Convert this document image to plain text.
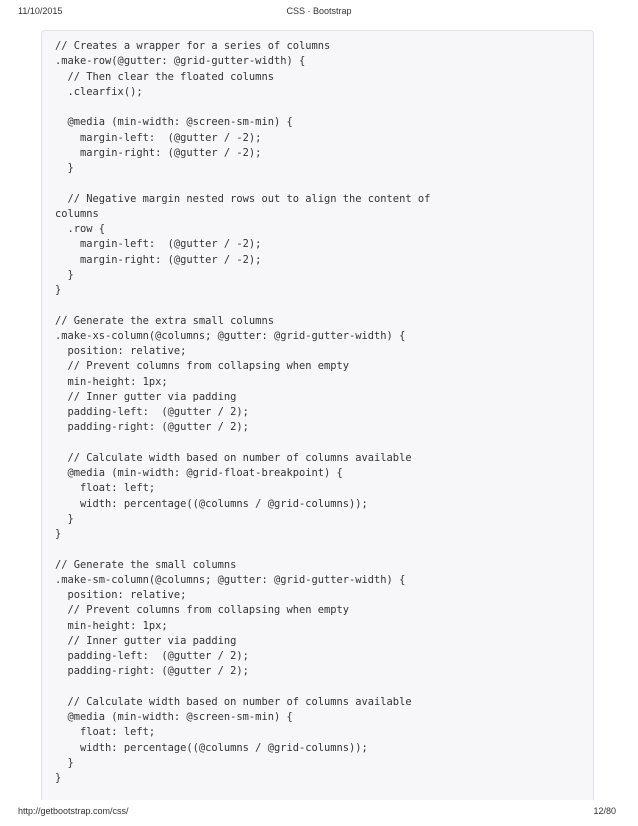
11/10/2015	CSS · Bootstrap
// Creates a wrapper for a series of columns
.make-row(@gutter: @grid-gutter-width) {
// Then clear the floated columns
.clearfix();
@media (min-width: @screen-sm-min) {
margin-left:  (@gutter / -2);
margin-right: (@gutter / -2);
}
// Negative margin nested rows out to align the content of
columns
.row {
margin-left:  (@gutter / -2);
margin-right: (@gutter / -2);
}
}
// Generate the extra small columns
.make-xs-column(@columns; @gutter: @grid-gutter-width) {
position: relative;
// Prevent columns from collapsing when empty
min-height: 1px;
// Inner gutter via padding
padding-left:  (@gutter / 2);
padding-right: (@gutter / 2);
// Calculate width based on number of columns available
@media (min-width: @grid-float-breakpoint) {
float: left;
width: percentage((@columns / @grid-columns));
}
}
// Generate the small columns
.make-sm-column(@columns; @gutter: @grid-gutter-width) {
position: relative;
// Prevent columns from collapsing when empty
min-height: 1px;
// Inner gutter via padding
padding-left:  (@gutter / 2);
padding-right: (@gutter / 2);
// Calculate width based on number of columns available
@media (min-width: @screen-sm-min) {
float: left;
width: percentage((@columns / @grid-columns));
}
}
http://getbootstrap.com/css/	12/80
